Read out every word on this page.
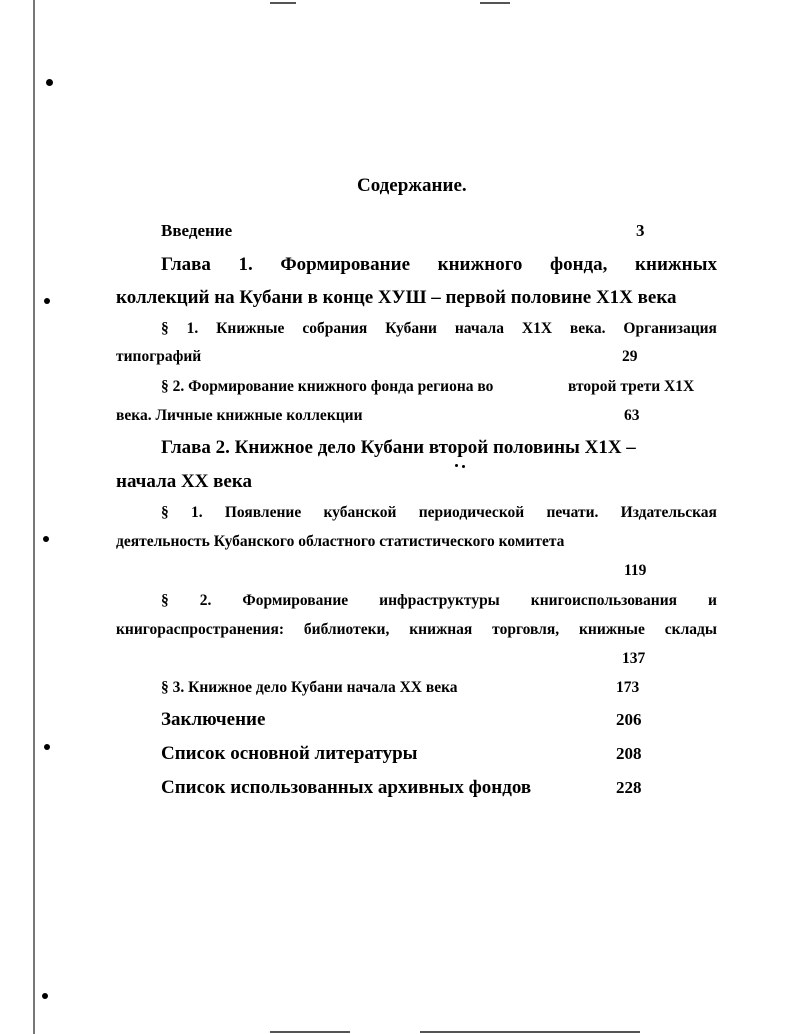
Содержание.
Введение	3
Глава 1. Формирование книжного фонда, книжных
коллекций на Кубани в конце ХУШ – первой половине Х1Х века
§ 1. Книжные собрания Кубани начала Х1Х века. Организация
типографий	29
§ 2. Формирование книжного фонда региона во	второй трети Х1Х
века. Личные книжные коллекции	63
Глава 2. Книжное дело Кубани второй половины Х1Х –
начала ХХ века
§ 1. Появление кубанской периодической печати. Издательская
деятельность Кубанского областного статистического комитета
119
§ 2. Формирование инфраструктуры книгоиспользования и
книгораспространения: библиотеки, книжная торговля, книжные склады
137
§ 3. Книжное дело Кубани начала ХХ века	173
Заключение	206
Список основной литературы	208
Список использованных архивных фондов	228
